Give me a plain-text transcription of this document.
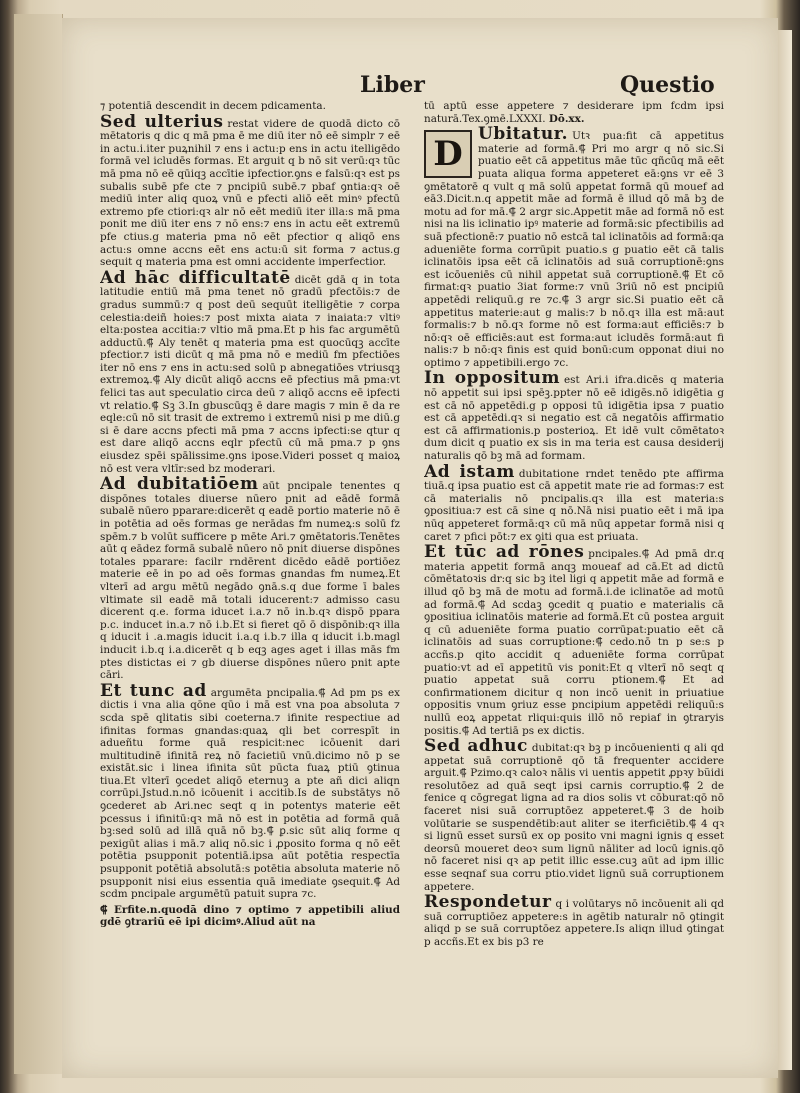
Liber	Questio

⁊ potentiā descendit in decem pdicamenta.

Sed ulterius restat videre de quodā dicto cō mētatoris q dic q mā pma ē me diū iter nō eē simplr ⁊ eē in actu.i.iter puꝝnihil ⁊ ens i actu:p ens in actu itelligēdo formā vel icludēs formas. Et arguit q b nō sit verū:qꝛ tūc mā pma nō eē qūiqꝫ accītie ipfectior.ꝯns e falsū:qꝛ est ps subalis subē pfe cte ⁊ pncipiū subē.⁊ pbaf ꝯntia:qꝛ oē mediū inter aliq quoꝝ vnū e pfecti aliō eēt minꝰ pfectū extremo pfe ctiori:qꝛ alr nō eēt mediū iter illa:s mā pma ponit me diū iter ens ⁊ nō ens:⁊ ens in actu eēt extremū pfe ctius.g materia pma nō eēt pfectior q aliqō ens actu:s omne accns eēt ens actu:ū sit forma ⁊ actus.g sequit q materia pma est omni accidente imperfectior.

Ad hāc difficultatē dicēt gdā q in tota latitudie entiū mā pma tenet nō gradū pfectōis:⁊ de gradus summū:⁊ q post deū sequūt itelligētie ⁊ corpa celestia:deiñ hoies:⁊ post mixta aiata ⁊ inaiata:⁊ vltiꝰ elta:postea accitia:⁊ vltio mā pma.Et p his fac argumētū adductū.⸿ Aly tenēt q materia pma est quocūqꝫ accīte pfectior.⁊ isti dicūt q mā pma nō e mediū fm pfectiōes iter nō ens ⁊ ens in actu:sed solū p abnegatiōes vtriusqꝫ extremoꝝ.⸿ Aly dicūt aliqō accns eē pfectius mā pma:vt felici tas aut speculatio circa deū ⁊ aliqō accns eē ipfecti vt relatio.⸿ Sꝫ 3.In gbuscūqꝫ ē dare magis ⁊ min ē da re eqle:cū nō sit trasit de extremo i extremū nisi p me diū.g si ē dare accns pfecti mā pma ⁊ accns ipfecti:se qtur q est dare aliqō accns eqlr pfectū cū mā pma.⁊ p ꝯns eiusdez spēi spālissime.ꝯns ipose.Videri posset q maioꝝ nō est vera vltīr:sed bz moderari.

Ad dubitatiōem aūt pncipale tenentes q dispōnes totales diuerse nūero pnit ad eādē formā subalē nūero pparare:dicerēt q eadē portio materie nō ē in potētia ad oēs formas ge nerādas fm numeꝝ:s solū fz spēm.⁊ b volūt sufficere p mēte Ari.⁊ ꝯmētatoris.Tenētes aūt q eādez formā subalē nūero nō pnit diuerse dispōnes totales pparare: facilr rndērent dicēdo eādē portiōez materie eē in po ad oēs formas gnandas fm numeꝝ.Et vlterī ad argu mētū negādo ꝯnā.s.q due forme ī bales vltimate sil eadē mā totali iducerent:⁊ admisso casu dicerent q.e. forma iducet i.a.⁊ nō in.b.qꝛ dispō ppara p.c. inducet in.a.⁊ nō i.b.Et si fieret qō ō dispōnib:qꝛ illa q iducit i .a.magis iducit i.a.q i.b.⁊ illa q iducit i.b.magl inducit i.b.q i.a.dicerēt q b eqꝫ ages aget i illas mās fm ptes distictas ei ⁊ gb diuerse dispōnes nūero pnit apte cāri.

Et tunc ad argumēta pncipalia.⸿ Ad pm ps ex dictis i vna alia qōne qūo i mā est vna poa absoluta ⁊ scda spē qlitatis sibi coeterna.⁊ ifinite respectiue ad ifinitas formas gnandas:quaꝝ qli bet correspīt in adueñtu forme quā respicit:nec icōuenit dari multitudinē ifinitā reꝝ nō facietiū vnū.dicimo nō p se existāt.sic i linea ifinita sūt pūcta fuaꝝ ptiū ꝯtinua tiua.Et vlterī ꝯcedet aliqō eternuꝫ a pte añ dici aliqn corrūpi.Jstud.n.nō icōuenit i accitib.Is de substātys nō ꝯcederet ab Ari.nec seqt q in potentys materie eēt pcessus i ifinitū:qꝛ mā nō est in potētia ad formā quā bꝫ:sed solū ad illā quā nō bꝫ.⸿ ꝑ.sic sūt aliq forme q pexigūt alias i mā.⁊ aliq nō.sic i ꝓposito forma q nō eēt potētia psupponit potentiā.ipsa aūt potētia respectīa psupponit potētiā absolutā:s potētia absoluta materie nō psupponit nisi eius essentia quā imediate ꝯsequit.⸿ Ad scdm pncipale argumētū patuit supra ⁊c.

⸿ Erfite.n.quodā dino ⁊ optimo ⁊ appetibili aliud gdē ꝯtrariū eē ipi dicimꝰ.Aliud aūt na

tū aptū esse appetere ⁊ desiderare ipm fcdm ipsi naturā.Tex.ꝯmē.LXXXI. Dō.xx.

D Ubitatur. Utꝛ pua:fit cā appetitus materie ad formā.⸿ Pri mo argr q nō sic.Si puatio eēt cā appetitus māe tūc qñcūq mā eēt puata aliqua forma appeteret eā:ꝯns vr eē 3 ꝯmētatorē q vult q mā solū appetat formā qū mouef ad eā3.Dicit.n.q appetit māe ad formā ē illud qō mā bꝫ de motu ad for mā.⸿ 2 argr sic.Appetit māe ad formā nō est nisi na lis iclinatio ipꝰ materie ad formā:sic pfectibilis ad suā pfectionē:⁊ puatio nō estcā tal iclinatōis ad formā:qa adueniēte forma corrūpit puatio.s g puatio eēt cā talis iclinatōis ipsa eēt cā iclinatōis ad suā corruptionē:ꝯns est icōueniēs cū nihil appetat suā corruptionē.⸿ Et cō firmat:qꝛ puatio 3iat forme:⁊ vnū 3riū nō est pncipiū appetēdi reliquū.g re ⁊c.⸿ 3 argr sic.Si puatio eēt cā appetitus materie:aut g malis:⁊ b nō.qꝛ illa est mā:aut formalis:⁊ b nō.qꝛ forme nō est forma:aut efficiēs:⁊ b nō:qꝛ oē efficiēs:aut est forma:aut icludēs formā:aut fi nalis:⁊ b nō:qꝛ finis est quid bonū:cum opponat diui no optimo ⁊ appetibili.ergo ⁊c.

In oppositum est Ari.i ifra.dicēs q materia nō appetit sui ipsi spēꝫ.ppter nō eē idigēs.nō idigētia g est cā nō appetēdi.g p opposi tū idigētia ipsa ⁊ puatio est cā appetēdi.qꝛ si negatio est cā negatōis affirmatio est cā affirmationis.p posterioꝝ. Et idē vult cōmētatoꝛ dum dicit q puatio ex sis in ma teria est causa desiderij naturalis qō bꝫ mā ad formam.

Ad istam dubitatione rndet tenēdo pte affirma tiuā.q ipsa puatio est cā appetit mate rie ad formas:⁊ est cā materialis nō pncipalis.qꝛ illa est materia:s ꝯpositiua:⁊ est cā sine q nō.Nā nisi puatio eēt i mā ipa nūq appeteret formā:qꝛ cū mā nūq appetar formā nisi q caret ⁊ pfici pōt:⁊ ex ꝯiti qua est priuata.

Et tūc ad rōnes pncipales.⸿ Ad pmā dr.q materia appetit formā anqꝫ moueaf ad cā.Et ad dictū cōmētatoꝛis dr:q sic bꝫ itel ligi q appetit māe ad formā e illud qō bꝫ mā de motu ad formā.i.de iclinatōe ad motū ad formā.⸿ Ad scdaꝫ ꝯcedit q puatio e materialis cā ꝯpositiua iclinatōis materie ad formā.Et cū postea arguit q cū adueniēte forma puatio corrūpat:puatio eēt cā iclinatōis ad suas corruptione:⸿ cedo.nō tn p se:s p accñs.p qito accidit q adueniēte forma corrūpat puatio:vt ad eī appetitū vis ponit:Et q vlterī nō seqt q puatio appetat suā corru ptionem.⸿ Et ad confirmationem dicitur q non incō uenit in priuatiue oppositis vnum ꝯriuz esse pncipium appetēdi reliquū:s nullū eoꝝ appetat rliqui:quis illō nō repiaf in ꝯtraryis positis.⸿ Ad tertiā ps ex dictis.

Sed adhuc dubitat:qꝛ bꝫ p incōuenienti q ali qd appetat suā corruptionē qō tā frequenter accidere arguit.⸿ Pzimo.qꝛ caloꝛ nālis vi uentis appetit ꝓpꝛy bũidi resolutōez ad quā seqt ipsi carnis corruptio.⸿ 2 de fenice q cōgregat ligna ad ra dios solis vt cōburat:qō nō faceret nisi suā corruptōez appeteret.⸿ 3 de hoib volūtarie se suspendētib:aut aliter se iterficiētib.⸿ 4 qꝛ si lignū esset sursū ex op posito vni magni ignis q esset deorsū moueret deoꝛ sum lignū nāliter ad locū ignis.qō nō faceret nisi qꝛ ap petit illic esse.cuꝫ aūt ad ipm illic esse seqnaf sua corru ptio.videt lignū suā corruptionem appetere.

Respondetur q i volūtarys nō incōuenit ali qd suā corruptiōez appetere:s in agētib naturalr nō ꝯtingit aliqd p se suā corruptōez appetere.Is aliqn illud ꝯtingat p accñs.Et ex bis p3 re
